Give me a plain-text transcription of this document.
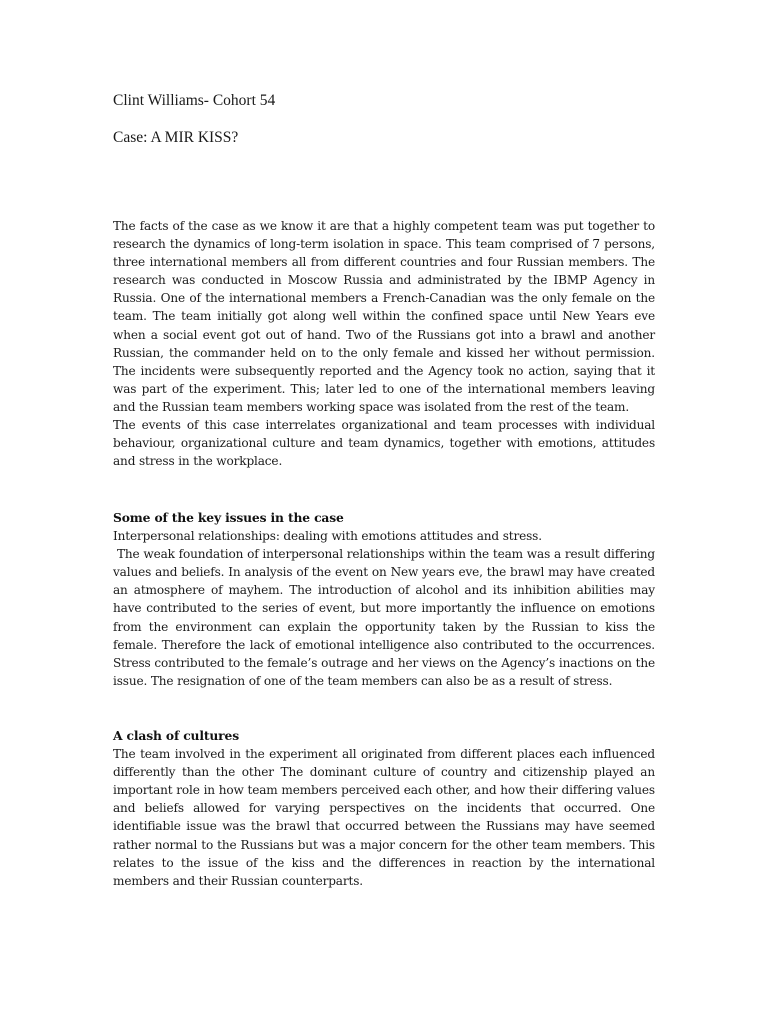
Clint Williams- Cohort 54
Case: A MIR KISS?

The facts of the case as we know it are that a highly competent team was put together to research the dynamics of long-term isolation in space. This team comprised of 7 persons, three international members all from different countries and four Russian members. The research was conducted in Moscow Russia and administrated by the IBMP Agency in Russia. One of the international members a French-Canadian was the only female on the team. The team initially got along well within the confined space until New Years eve when a social event got out of hand. Two of the Russians got into a brawl and another Russian, the commander held on to the only female and kissed her without permission. The incidents were subsequently reported and the Agency took no action, saying that it was part of the experiment. This; later led to one of the international members leaving and the Russian team members working space was isolated from the rest of the team.

The events of this case interrelates organizational and team processes with individual behaviour, organizational culture and team dynamics, together with emotions, attitudes and stress in the workplace.

Some of the key issues in the case

Interpersonal relationships: dealing with emotions attitudes and stress.

The weak foundation of interpersonal relationships within the team was a result differing values and beliefs. In analysis of the event on New years eve, the brawl may have created an atmosphere of mayhem. The introduction of alcohol and its inhibition abilities may have contributed to the series of event, but more importantly the influence on emotions from the environment can explain the opportunity taken by the Russian to kiss the female. Therefore the lack of emotional intelligence also contributed to the occurrences. Stress contributed to the female’s outrage and her views on the Agency’s inactions on the issue. The resignation of one of the team members can also be as a result of stress.

A clash of cultures

The team involved in the experiment all originated from different places each influenced differently than the other The dominant culture of country and citizenship played an important role in how team members perceived each other, and how their differing values and beliefs allowed for varying perspectives on the incidents that occurred. One identifiable issue was the brawl that occurred between the Russians may have seemed rather normal to the Russians but was a major concern for the other team members. This relates to the issue of the kiss and the differences in reaction by the international members and their Russian counterparts.
